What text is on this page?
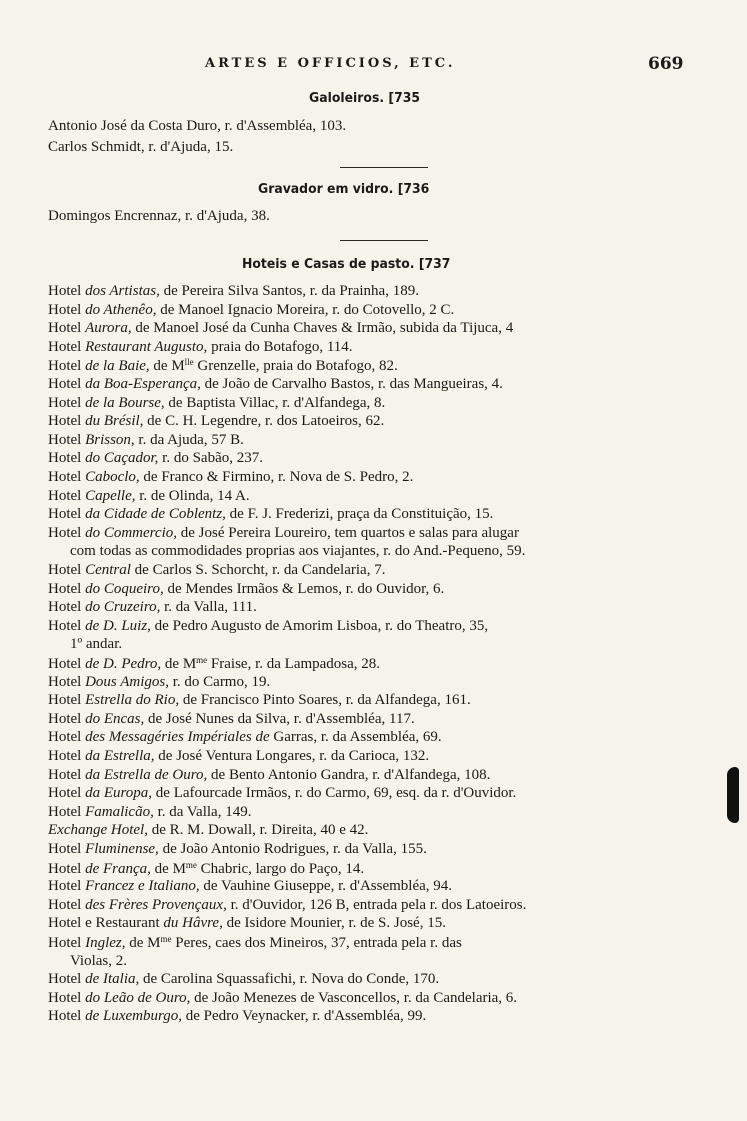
ARTES E OFFICIOS, ETC.	669
Galoleiros. [735
Antonio José da Costa Duro, r. d'Assembléa, 103.
Carlos Schmidt, r. d'Ajuda, 15.
Gravador em vidro. [736
Domingos Encrennaz, r. d'Ajuda, 38.
Hoteis e Casas de pasto. [737
Hotel dos Artistas, de Pereira Silva Santos, r. da Prainha, 189.
Hotel do Athenêo, de Manoel Ignacio Moreira, r. do Cotovello, 2 C.
Hotel Aurora, de Manoel José da Cunha Chaves & Irmão, subida da Tijuca, 4
Hotel Restaurant Augusto, praia do Botafogo, 114.
Hotel de la Baie, de $M^{lle}$ Grenzelle, praia do Botafogo, 82.
Hotel da Boa-Esperança, de João de Carvalho Bastos, r. das Mangueiras, 4.
Hotel de la Bourse, de Baptista Villac, r. d'Alfandega, 8.
Hotel du Brésil, de C. H. Legendre, r. dos Latoeiros, 62.
Hotel Brisson, r. da Ajuda, 57 B.
Hotel do Caçador, r. do Sabão, 237.
Hotel Caboclo, de Franco & Firmino, r. Nova de S. Pedro, 2.
Hotel Capelle, r. de Olinda, 14 A.
Hotel da Cidade de Coblentz, de F. J. Frederizi, praça da Constituição, 15.
Hotel do Commercio, de José Pereira Loureiro, tem quartos e salas para alugar
com todas as commodidades proprias aos viajantes, r. do And.-Pequeno, 59.
Hotel Central de Carlos S. Schorcht, r. da Candelaria, 7.
Hotel do Coqueiro, de Mendes Irmãos & Lemos, r. do Ouvidor, 6.
Hotel do Cruzeiro, r. da Valla, 111.
Hotel de D. Luiz, de Pedro Augusto de Amorim Lisboa, r. do Theatro, 35,
1º andar.
Hotel de D. Pedro, de $M^{me}$ Fraise, r. da Lampadosa, 28.
Hotel Dous Amigos, r. do Carmo, 19.
Hotel Estrella do Rio, de Francisco Pinto Soares, r. da Alfandega, 161.
Hotel do Encas, de José Nunes da Silva, r. d'Assembléa, 117.
Hotel des Messagéries Impériales de Garras, r. da Assembléa, 69.
Hotel da Estrella, de José Ventura Longares, r. da Carioca, 132.
Hotel da Estrella de Ouro, de Bento Antonio Gandra, r. d'Alfandega, 108.
Hotel da Europa, de Lafourcade Irmãos, r. do Carmo, 69, esq. da r. d'Ouvidor.
Hotel Famalicão, r. da Valla, 149.
Exchange Hotel, de R. M. Dowall, r. Direita, 40 e 42.
Hotel Fluminense, de João Antonio Rodrigues, r. da Valla, 155.
Hotel de França, de $M^{me}$ Chabric, largo do Paço, 14.
Hotel Francez e Italiano, de Vauhine Giuseppe, r. d'Assembléa, 94.
Hotel des Frères Provençaux, r. d'Ouvidor, 126 B, entrada pela r. dos Latoeiros.
Hotel e Restaurant du Hâvre, de Isidore Mounier, r. de S. José, 15.
Hotel Inglez, de $M^{me}$ Peres, caes dos Mineiros, 37, entrada pela r. das
Violas, 2.
Hotel de Italia, de Carolina Squassafichi, r. Nova do Conde, 170.
Hotel do Leão de Ouro, de João Menezes de Vasconcellos, r. da Candelaria, 6.
Hotel de Luxemburgo, de Pedro Veynacker, r. d'Assembléa, 99.
